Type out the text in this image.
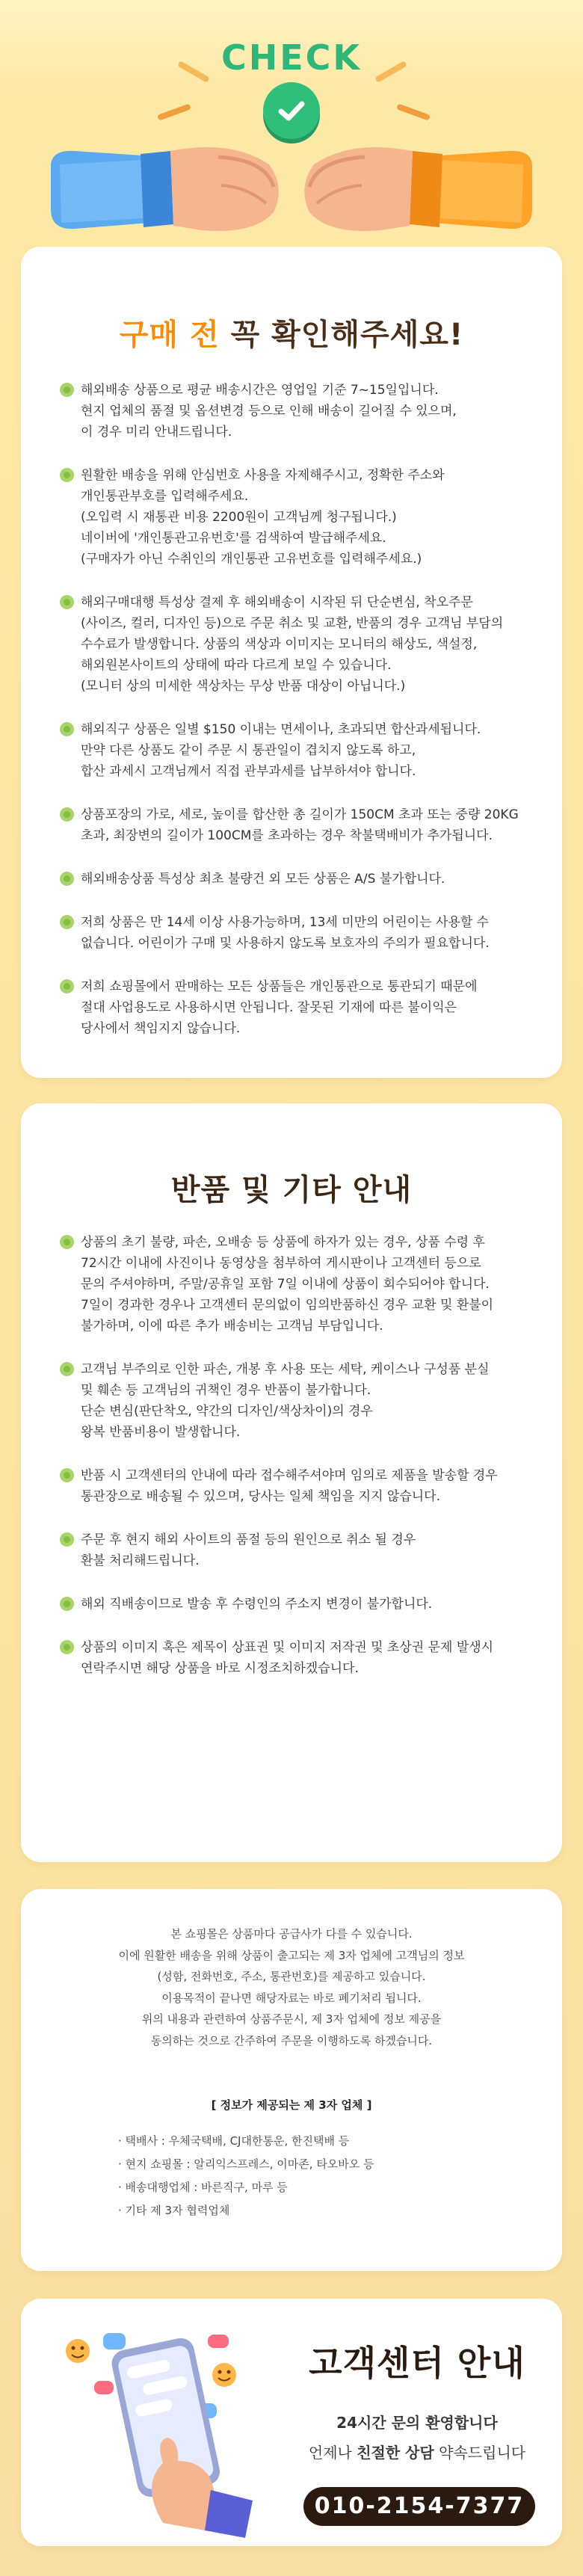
CHECK
구매 전 꼭 확인해주세요!
해외배송 상품으로 평균 배송시간은 영업일 기준 7~15일입니다.
현지 업체의 품절 및 옵션변경 등으로 인해 배송이 길어질 수 있으며,
이 경우 미리 안내드립니다.
원활한 배송을 위해 안심번호 사용을 자제해주시고, 정확한 주소와
개인통관부호를 입력해주세요.
(오입력 시 재통관 비용 2200원이 고객님께 청구됩니다.)
네이버에 '개인통관고유번호'를 검색하여 발급해주세요.
(구매자가 아닌 수취인의 개인통관 고유번호를 입력해주세요.)
해외구매대행 특성상 결제 후 해외배송이 시작된 뒤 단순변심, 착오주문
(사이즈, 컬러, 디자인 등)으로 주문 취소 및 교환, 반품의 경우 고객님 부담의
수수료가 발생합니다. 상품의 색상과 이미지는 모니터의 해상도, 색설정,
해외원본사이트의 상태에 따라 다르게 보일 수 있습니다.
(모니터 상의 미세한 색상차는 무상 반품 대상이 아닙니다.)
해외직구 상품은 일별 $150 이내는 면세이나, 초과되면 합산과세됩니다.
만약 다른 상품도 같이 주문 시 통관일이 겹치지 않도록 하고,
합산 과세시 고객님께서 직접 관부과세를 납부하셔야 합니다.
상품포장의 가로, 세로, 높이를 합산한 총 길이가 150CM 초과 또는 중량 20KG
초과, 최장변의 길이가 100CM를 초과하는 경우 착불택배비가 추가됩니다.
해외배송상품 특성상 최초 불량건 외 모든 상품은 A/S 불가합니다.
저희 상품은 만 14세 이상 사용가능하며, 13세 미만의 어린이는 사용할 수
없습니다. 어린이가 구매 및 사용하지 않도록 보호자의 주의가 필요합니다.
저희 쇼핑몰에서 판매하는 모든 상품들은 개인통관으로 통관되기 때문에
절대 사업용도로 사용하시면 안됩니다. 잘못된 기재에 따른 불이익은
당사에서 책임지지 않습니다.
반품 및 기타 안내
상품의 초기 불량, 파손, 오배송 등 상품에 하자가 있는 경우, 상품 수령 후
72시간 이내에 사진이나 동영상을 첨부하여 게시판이나 고객센터 등으로
문의 주셔야하며, 주말/공휴일 포함 7일 이내에 상품이 회수되어야 합니다.
7일이 경과한 경우나 고객센터 문의없이 임의반품하신 경우 교환 및 환불이
불가하며, 이에 따른 추가 배송비는 고객님 부담입니다.
고객님 부주의로 인한 파손, 개봉 후 사용 또는 세탁, 케이스나 구성품 분실
및 훼손 등 고객님의 귀책인 경우 반품이 불가합니다.
단순 변심(판단착오, 약간의 디자인/색상차이)의 경우
왕복 반품비용이 발생합니다.
반품 시 고객센터의 안내에 따라 접수해주셔야며 임의로 제품을 발송할 경우
통관장으로 배송될 수 있으며, 당사는 일체 책임을 지지 않습니다.
주문 후 현지 해외 사이트의 품절 등의 원인으로 취소 될 경우
환불 처리해드립니다.
해외 직배송이므로 발송 후 수령인의 주소지 변경이 불가합니다.
상품의 이미지 혹은 제목이 상표권 및 이미지 저작권 및 초상권 문제 발생시
연락주시면 해당 상품을 바로 시정조치하겠습니다.
본 쇼핑몰은 상품마다 공급사가 다를 수 있습니다.
이에 원활한 배송을 위해 상품이 출고되는 제 3자 업체에 고객님의 정보
(성함, 전화번호, 주소, 통관번호)를 제공하고 있습니다.
이용목적이 끝나면 해당자료는 바로 폐기처리 됩니다.
위의 내용과 관련하여 상품주문시, 제 3자 업체에 정보 제공을
동의하는 것으로 간주하여 주문을 이행하도록 하겠습니다.
[ 정보가 제공되는 제 3자 업체 ]
· 택배사 : 우체국택배, CJ대한통운, 한진택배 등
· 현지 쇼핑몰 : 알리익스프레스, 이마존, 타오바오 등
· 배송대행업체 : 바른직구, 마루 등
· 기타 제 3자 협력업체
고객센터 안내
24시간 문의 환영합니다
언제나 친절한 상담 약속드립니다
010-2154-7377
